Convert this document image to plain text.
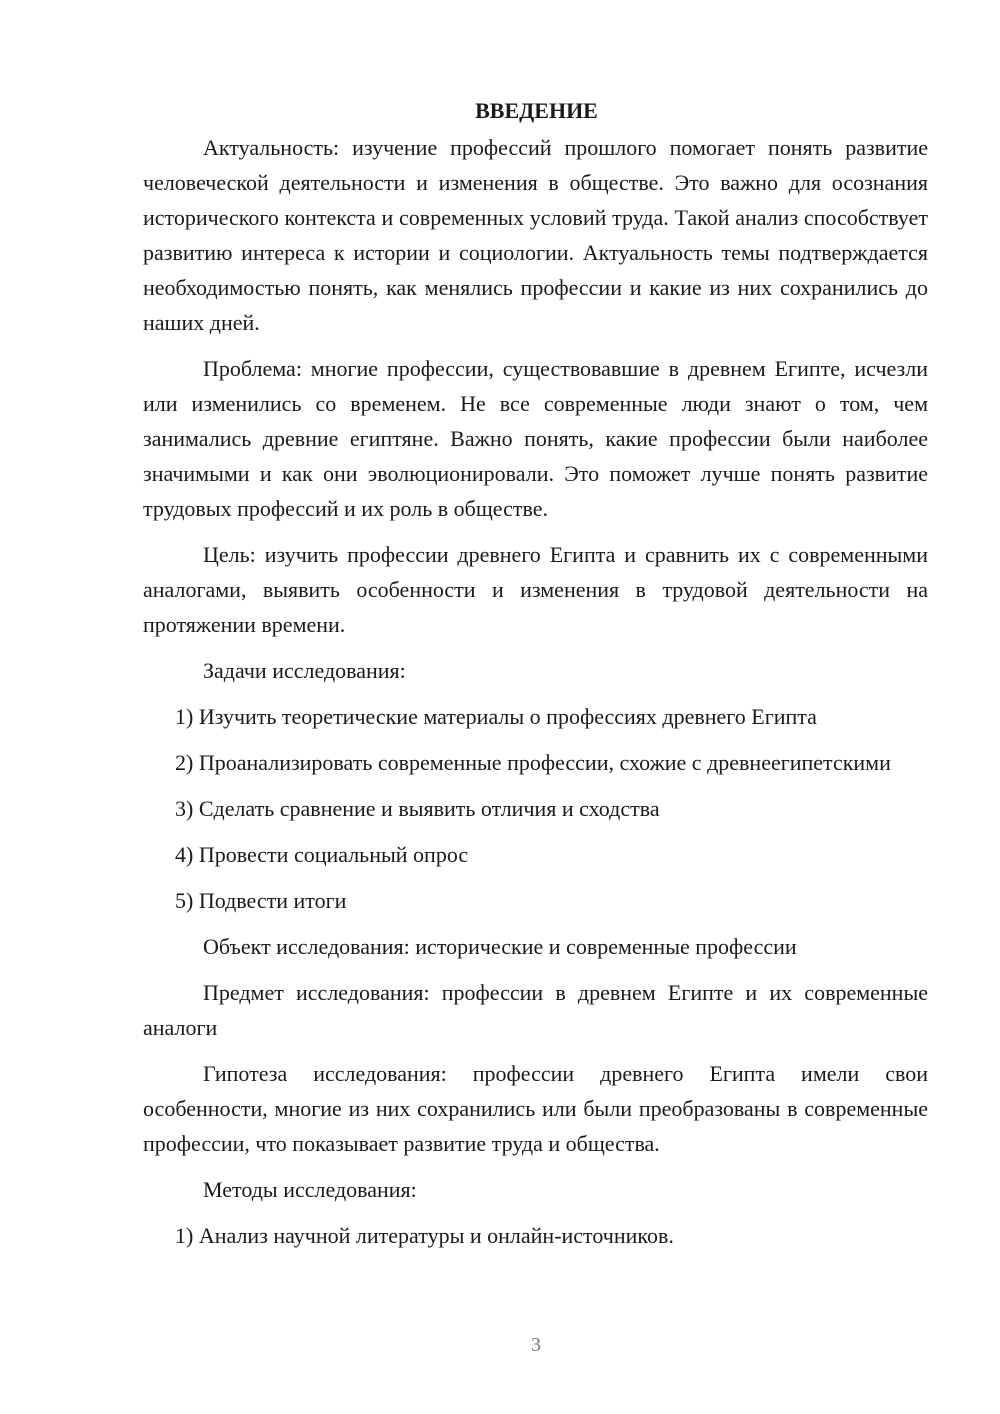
ВВЕДЕНИЕ

Актуальность: изучение профессий прошлого помогает понять развитие человеческой деятельности и изменения в обществе. Это важно для осознания исторического контекста и современных условий труда. Такой анализ способствует развитию интереса к истории и социологии. Актуальность темы подтверждается необходимостью понять, как менялись профессии и какие из них сохранились до наших дней.

Проблема: многие профессии, существовавшие в древнем Египте, исчезли или изменились со временем. Не все современные люди знают о том, чем занимались древние египтяне. Важно понять, какие профессии были наиболее значимыми и как они эволюционировали. Это поможет лучше понять развитие трудовых профессий и их роль в обществе.

Цель: изучить профессии древнего Египта и сравнить их с современными аналогами, выявить особенности и изменения в трудовой деятельности на протяжении времени.

Задачи исследования:

1) Изучить теоретические материалы о профессиях древнего Египта

2) Проанализировать современные профессии, схожие с древнеегипетскими

3) Сделать сравнение и выявить отличия и сходства

4) Провести социальный опрос

5) Подвести итоги

Объект исследования: исторические и современные профессии

Предмет исследования: профессии в древнем Египте и их современные аналоги

Гипотеза исследования: профессии древнего Египта имели свои особенности, многие из них сохранились или были преобразованы в современные профессии, что показывает развитие труда и общества.

Методы исследования:

1) Анализ научной литературы и онлайн-источников.

3
